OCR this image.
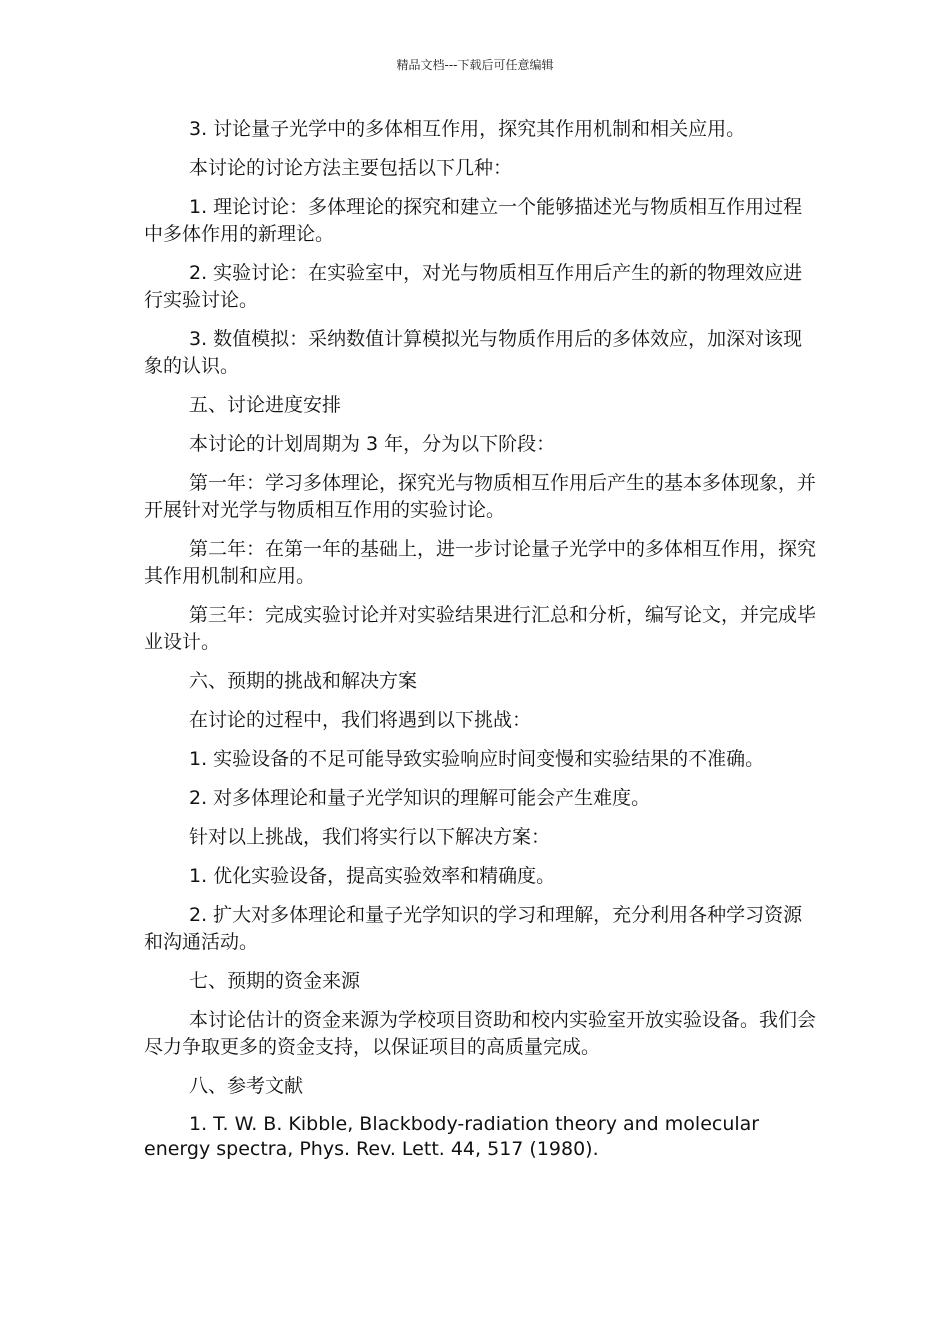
精品文档---下载后可任意编辑

3. 讨论量子光学中的多体相互作用，探究其作用机制和相关应用。

本讨论的讨论方法主要包括以下几种：

1. 理论讨论：多体理论的探究和建立一个能够描述光与物质相互作用过程中多体作用的新理论。

2. 实验讨论：在实验室中，对光与物质相互作用后产生的新的物理效应进行实验讨论。

3. 数值模拟：采纳数值计算模拟光与物质作用后的多体效应，加深对该现象的认识。

五、讨论进度安排

本讨论的计划周期为 3 年，分为以下阶段：

第一年：学习多体理论，探究光与物质相互作用后产生的基本多体现象，并开展针对光学与物质相互作用的实验讨论。

第二年：在第一年的基础上，进一步讨论量子光学中的多体相互作用，探究其作用机制和应用。

第三年：完成实验讨论并对实验结果进行汇总和分析，编写论文，并完成毕业设计。

六、预期的挑战和解决方案

在讨论的过程中，我们将遇到以下挑战：

1. 实验设备的不足可能导致实验响应时间变慢和实验结果的不准确。

2. 对多体理论和量子光学知识的理解可能会产生难度。

针对以上挑战，我们将实行以下解决方案：

1. 优化实验设备，提高实验效率和精确度。

2. 扩大对多体理论和量子光学知识的学习和理解，充分利用各种学习资源和沟通活动。

七、预期的资金来源

本讨论估计的资金来源为学校项目资助和校内实验室开放实验设备。我们会尽力争取更多的资金支持，以保证项目的高质量完成。

八、参考文献

1. T. W. B. Kibble, Blackbody-radiation theory and molecular energy spectra, Phys. Rev. Lett. 44, 517 (1980).
